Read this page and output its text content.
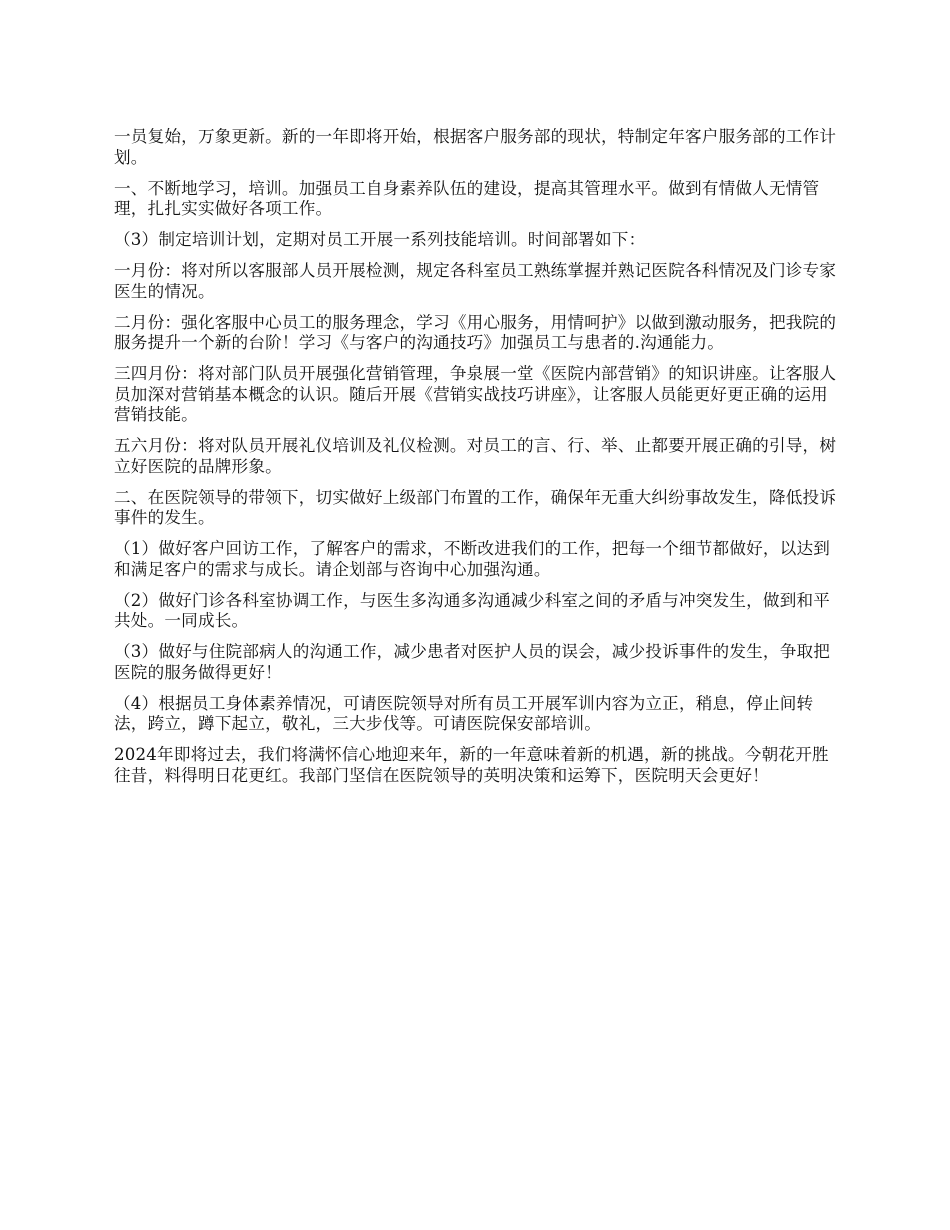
一员复始，万象更新。新的一年即将开始，根据客户服务部的现状，特制定年客户服务部的工作计划。

一、不断地学习，培训。加强员工自身素养队伍的建设，提高其管理水平。做到有情做人无情管理，扎扎实实做好各项工作。

（3）制定培训计划，定期对员工开展一系列技能培训。时间部署如下：

一月份：将对所以客服部人员开展检测，规定各科室员工熟练掌握并熟记医院各科情况及门诊专家医生的情况。

二月份：强化客服中心员工的服务理念，学习《用心服务，用情呵护》以做到激动服务，把我院的服务提升一个新的台阶！学习《与客户的沟通技巧》加强员工与患者的.沟通能力。

三四月份：将对部门队员开展强化营销管理，争泉展一堂《医院内部营销》的知识讲座。让客服人员加深对营销基本概念的认识。随后开展《营销实战技巧讲座》，让客服人员能更好更正确的运用营销技能。

五六月份：将对队员开展礼仪培训及礼仪检测。对员工的言、行、举、止都要开展正确的引导，树立好医院的品牌形象。

二、在医院领导的带领下，切实做好上级部门布置的工作，确保年无重大纠纷事故发生，降低投诉事件的发生。

（1）做好客户回访工作，了解客户的需求，不断改进我们的工作，把每一个细节都做好，以达到和满足客户的需求与成长。请企划部与咨询中心加强沟通。

（2）做好门诊各科室协调工作，与医生多沟通多沟通减少科室之间的矛盾与冲突发生，做到和平共处。一同成长。

（3）做好与住院部病人的沟通工作，减少患者对医护人员的误会，减少投诉事件的发生，争取把医院的服务做得更好！

（4）根据员工身体素养情况，可请医院领导对所有员工开展军训内容为立正，稍息，停止间转法，跨立，蹲下起立，敬礼，三大步伐等。可请医院保安部培训。

2024年即将过去，我们将满怀信心地迎来年，新的一年意味着新的机遇，新的挑战。今朝花开胜往昔，料得明日花更红。我部门坚信在医院领导的英明决策和运筹下，医院明天会更好！
